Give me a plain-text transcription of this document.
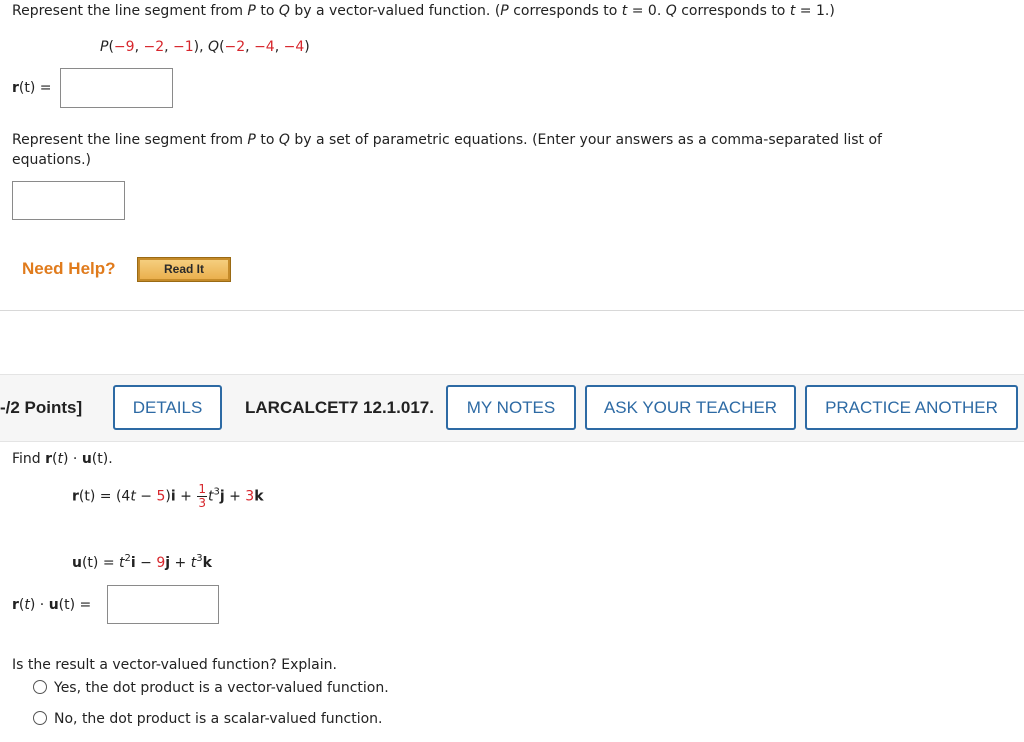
Represent the line segment from P to Q by a vector-valued function. (P corresponds to t = 0. Q corresponds to t = 1.)
P(−9, −2, −1), Q(−2, −4, −4)
r(t) =
Represent the line segment from P to Q by a set of parametric equations. (Enter your answers as a comma-separated list of
equations.)
Need Help?	Read It
-/2 Points]	DETAILS	LARCALCET7 12.1.017.	MY NOTES	ASK YOUR TEACHER	PRACTICE ANOTHER
Find r(t) · u(t).
$r(t) = (4t - 5)i + \frac{1}{3} t^3j + 3k$
$u(t) = t^2i - 9j + t^3k$
r(t) · u(t) =
Is the result a vector-valued function? Explain.
Yes, the dot product is a vector-valued function.
No, the dot product is a scalar-valued function.
